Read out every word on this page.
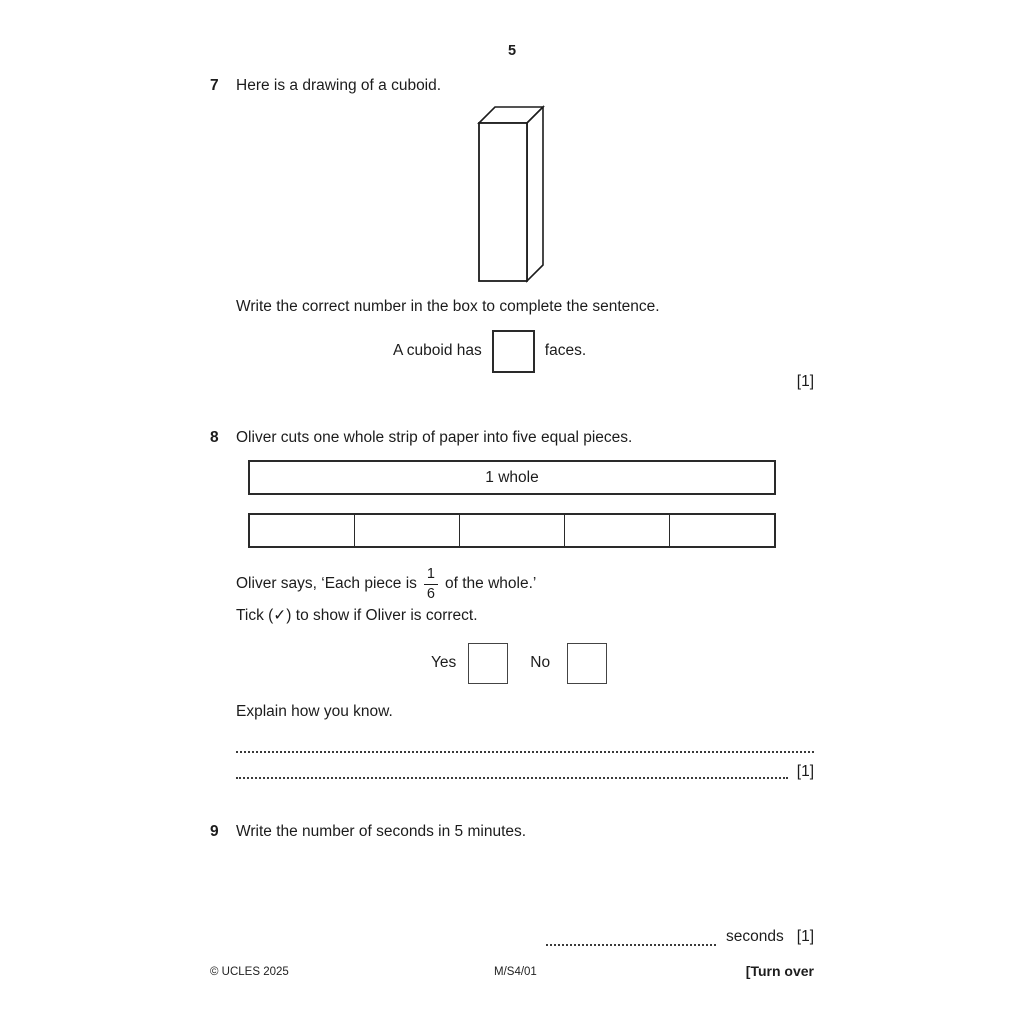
5
7	Here is a drawing of a cuboid.
Write the correct number in the box to complete the sentence.
A cuboid has	faces.
[1]
8	Oliver cuts one whole strip of paper into five equal pieces.
1 whole
Oliver says, ‘Each piece is $\frac{1}{6}$ of the whole.’
Tick (✓) to show if Oliver is correct.
Yes	No
Explain how you know.
[1]
9	Write the number of seconds in 5 minutes.
seconds [1]
© UCLES 2025	M/S4/01	[Turn over
